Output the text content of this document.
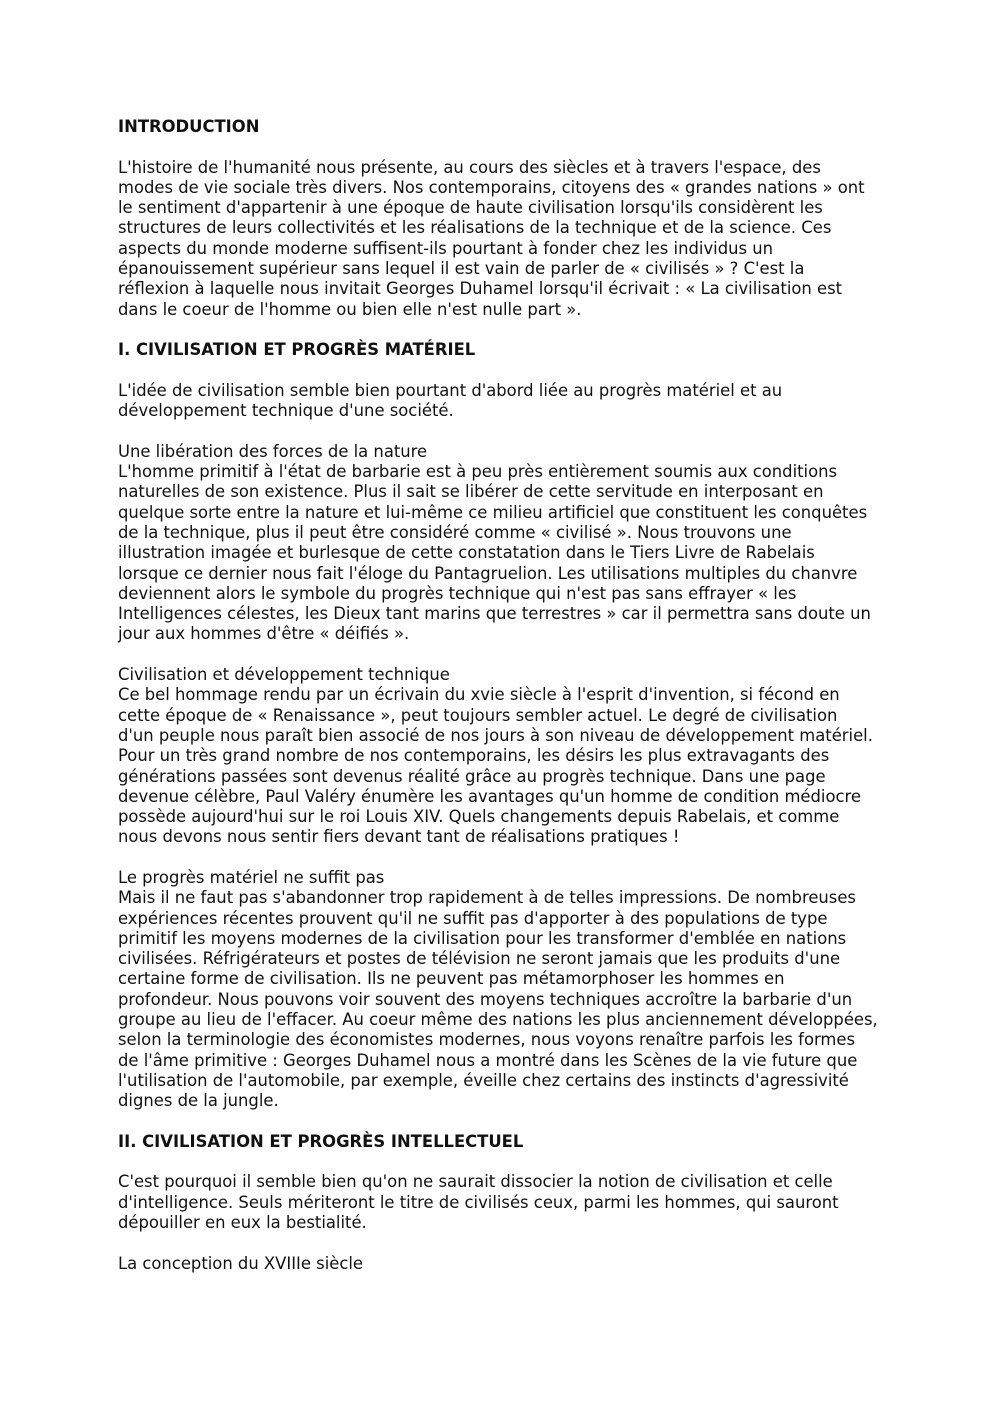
INTRODUCTION

L'histoire de l'humanité nous présente, au cours des siècles et à travers l'espace, des modes de vie sociale très divers. Nos contemporains, citoyens des « grandes nations » ont le sentiment d'appartenir à une époque de haute civilisation lorsqu'ils considèrent les structures de leurs collectivités et les réalisations de la technique et de la science. Ces aspects du monde moderne suffisent-ils pourtant à fonder chez les individus un épanouissement supérieur sans lequel il est vain de parler de « civilisés » ? C'est la réflexion à laquelle nous invitait Georges Duhamel lorsqu'il écrivait : « La civilisation est dans le coeur de l'homme ou bien elle n'est nulle part ».

I. CIVILISATION ET PROGRÈS MATÉRIEL

L'idée de civilisation semble bien pourtant d'abord liée au progrès matériel et au développement technique d'une société.

Une libération des forces de la nature

L'homme primitif à l'état de barbarie est à peu près entièrement soumis aux conditions naturelles de son existence. Plus il sait se libérer de cette servitude en interposant en quelque sorte entre la nature et lui-même ce milieu artificiel que constituent les conquêtes de la technique, plus il peut être considéré comme « civilisé ». Nous trouvons une illustration imagée et burlesque de cette constatation dans le Tiers Livre de Rabelais lorsque ce dernier nous fait l'éloge du Pantagruelion. Les utilisations multiples du chanvre deviennent alors le symbole du progrès technique qui n'est pas sans effrayer « les Intelligences célestes, les Dieux tant marins que terrestres » car il permettra sans doute un jour aux hommes d'être « déifiés ».

Civilisation et développement technique

Ce bel hommage rendu par un écrivain du xvie siècle à l'esprit d'invention, si fécond en cette époque de « Renaissance », peut toujours sembler actuel. Le degré de civilisation d'un peuple nous paraît bien associé de nos jours à son niveau de développement matériel. Pour un très grand nombre de nos contemporains, les désirs les plus extravagants des générations passées sont devenus réalité grâce au progrès technique. Dans une page devenue célèbre, Paul Valéry énumère les avantages qu'un homme de condition médiocre possède aujourd'hui sur le roi Louis XIV. Quels changements depuis Rabelais, et comme nous devons nous sentir fiers devant tant de réalisations pratiques !

Le progrès matériel ne suffit pas

Mais il ne faut pas s'abandonner trop rapidement à de telles impressions. De nombreuses expériences récentes prouvent qu'il ne suffit pas d'apporter à des populations de type primitif les moyens modernes de la civilisation pour les transformer d'emblée en nations civilisées. Réfrigérateurs et postes de télévision ne seront jamais que les produits d'une certaine forme de civilisation. Ils ne peuvent pas métamorphoser les hommes en profondeur. Nous pouvons voir souvent des moyens techniques accroître la barbarie d'un groupe au lieu de l'effacer. Au coeur même des nations les plus anciennement développées, selon la terminologie des économistes modernes, nous voyons renaître parfois les formes de l'âme primitive : Georges Duhamel nous a montré dans les Scènes de la vie future que l'utilisation de l'automobile, par exemple, éveille chez certains des instincts d'agressivité dignes de la jungle.

II. CIVILISATION ET PROGRÈS INTELLECTUEL

C'est pourquoi il semble bien qu'on ne saurait dissocier la notion de civilisation et celle d'intelligence. Seuls mériteront le titre de civilisés ceux, parmi les hommes, qui sauront dépouiller en eux la bestialité.

La conception du XVIIIe siècle
